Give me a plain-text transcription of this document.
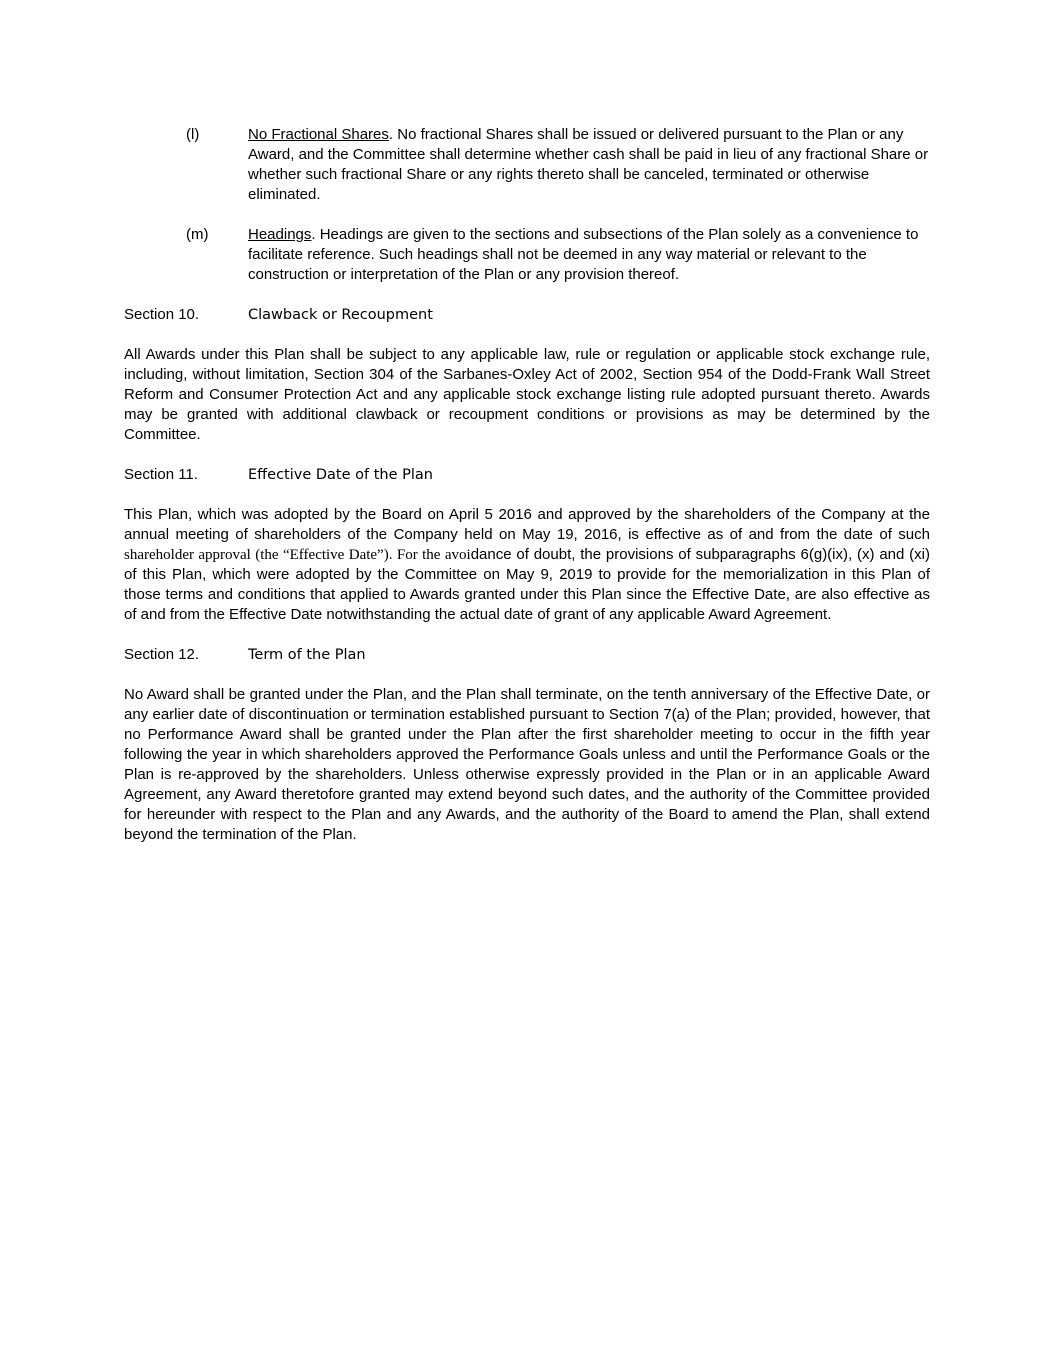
(l)	No Fractional Shares. No fractional Shares shall be issued or delivered pursuant to the Plan or any Award, and the Committee shall determine whether cash shall be paid in lieu of any fractional Share or whether such fractional Share or any rights thereto shall be canceled, terminated or otherwise eliminated.
(m)	Headings. Headings are given to the sections and subsections of the Plan solely as a convenience to facilitate reference. Such headings shall not be deemed in any way material or relevant to the construction or interpretation of the Plan or any provision thereof.
Section 10.	Clawback or Recoupment
All Awards under this Plan shall be subject to any applicable law, rule or regulation or applicable stock exchange rule, including, without limitation, Section 304 of the Sarbanes-Oxley Act of 2002, Section 954 of the Dodd-Frank Wall Street Reform and Consumer Protection Act and any applicable stock exchange listing rule adopted pursuant thereto. Awards may be granted with additional clawback or recoupment conditions or provisions as may be determined by the Committee.
Section 11.	Effective Date of the Plan
This Plan, which was adopted by the Board on April 5 2016 and approved by the shareholders of the Company at the annual meeting of shareholders of the Company held on May 19, 2016, is effective as of and from the date of such shareholder approval (the “Effective Date”). For the avoidance of doubt, the provisions of subparagraphs 6(g)(ix), (x) and (xi) of this Plan, which were adopted by the Committee on May 9, 2019 to provide for the memorialization in this Plan of those terms and conditions that applied to Awards granted under this Plan since the Effective Date, are also effective as of and from the Effective Date notwithstanding the actual date of grant of any applicable Award Agreement.
Section 12.	Term of the Plan
No Award shall be granted under the Plan, and the Plan shall terminate, on the tenth anniversary of the Effective Date, or any earlier date of discontinuation or termination established pursuant to Section 7(a) of the Plan; provided, however, that no Performance Award shall be granted under the Plan after the first shareholder meeting to occur in the fifth year following the year in which shareholders approved the Performance Goals unless and until the Performance Goals or the Plan is re-approved by the shareholders. Unless otherwise expressly provided in the Plan or in an applicable Award Agreement, any Award theretofore granted may extend beyond such dates, and the authority of the Committee provided for hereunder with respect to the Plan and any Awards, and the authority of the Board to amend the Plan, shall extend beyond the termination of the Plan.
